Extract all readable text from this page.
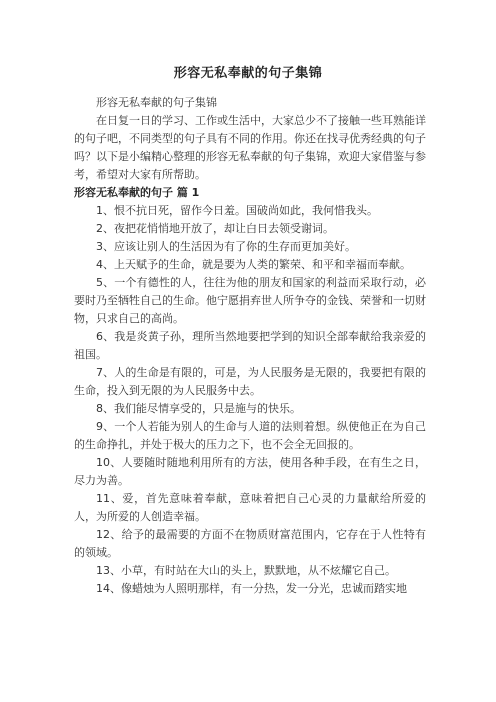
形容无私奉献的句子集锦

形容无私奉献的句子集锦

在日复一日的学习、工作或生活中，大家总少不了接触一些耳熟能详的句子吧，不同类型的句子具有不同的作用。你还在找寻优秀经典的句子吗？以下是小编精心整理的形容无私奉献的句子集锦，欢迎大家借鉴与参考，希望对大家有所帮助。

形容无私奉献的句子 篇 1

1、恨不抗日死，留作今日羞。国破尚如此，我何惜我头。

2、夜把花悄悄地开放了，却让白日去领受谢词。

3、应该让别人的生活因为有了你的生存而更加美好。

4、上天赋予的生命，就是要为人类的繁荣、和平和幸福而奉献。

5、一个有德性的人，往往为他的朋友和国家的利益而采取行动，必要时乃至牺牲自己的生命。他宁愿捐弃世人所争夺的金钱、荣誉和一切财物，只求自己的高尚。

6、我是炎黄子孙，理所当然地要把学到的知识全部奉献给我亲爱的祖国。

7、人的生命是有限的，可是，为人民服务是无限的，我要把有限的生命，投入到无限的为人民服务中去。

8、我们能尽情享受的，只是施与的快乐。

9、一个人若能为别人的生命与人道的法则着想。纵使他正在为自己的生命挣扎，并处于极大的压力之下，也不会全无回报的。

10、人要随时随地利用所有的方法，使用各种手段，在有生之日，尽力为善。

11、爱，首先意味着奉献，意味着把自己心灵的力量献给所爱的人，为所爱的人创造幸福。

12、给予的最需要的方面不在物质财富范围内，它存在于人性特有的领域。

13、小草，有时站在大山的头上，默默地，从不炫耀它自己。

14、像蜡烛为人照明那样，有一分热，发一分光，忠诚而踏实地
